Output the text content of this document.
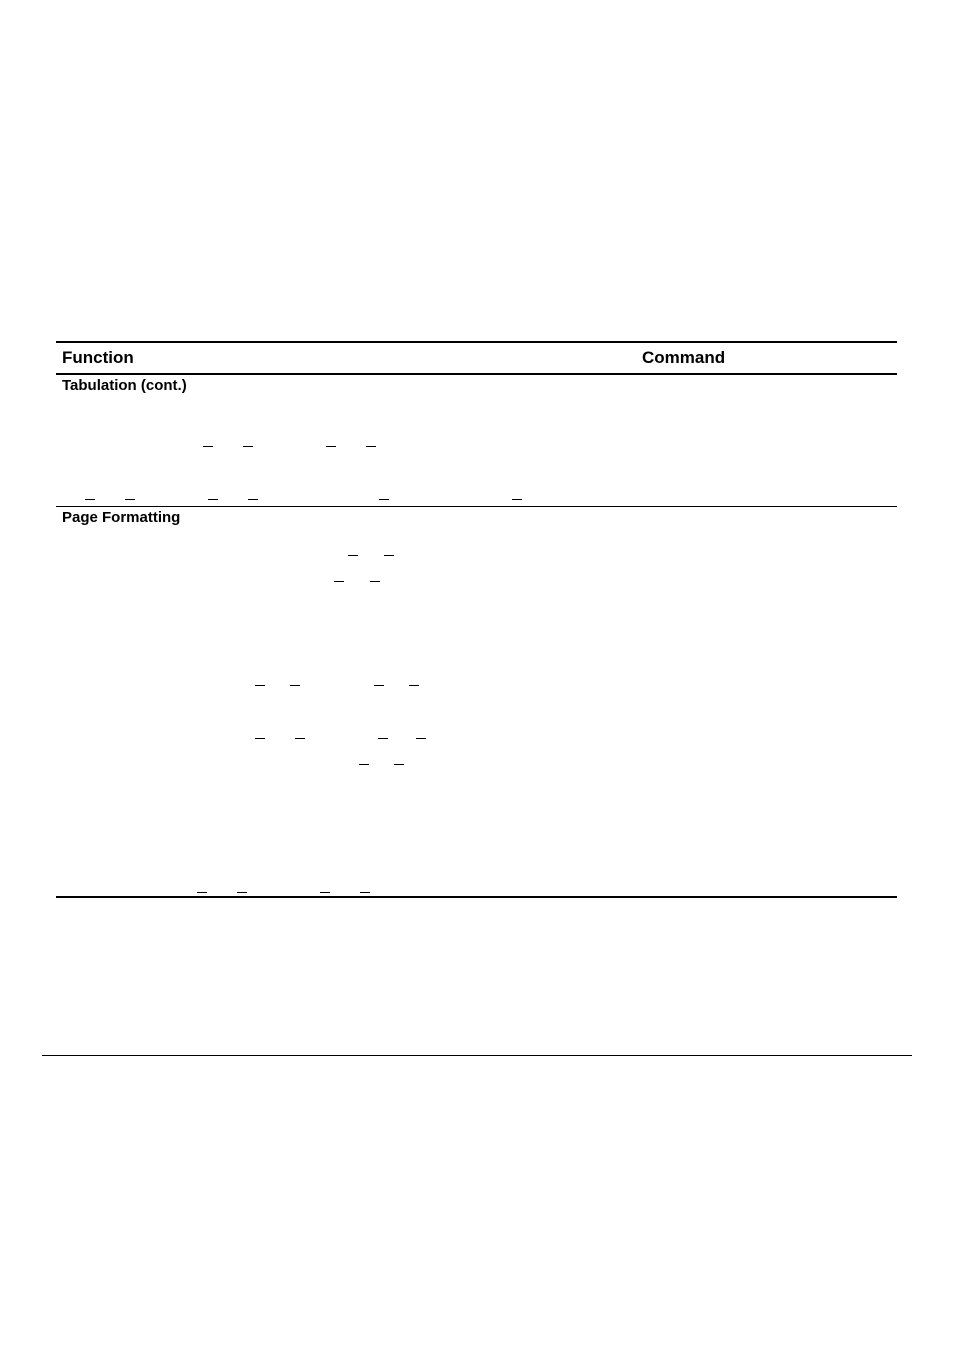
Function	Command
Tabulation (cont.)
Page Formatting
